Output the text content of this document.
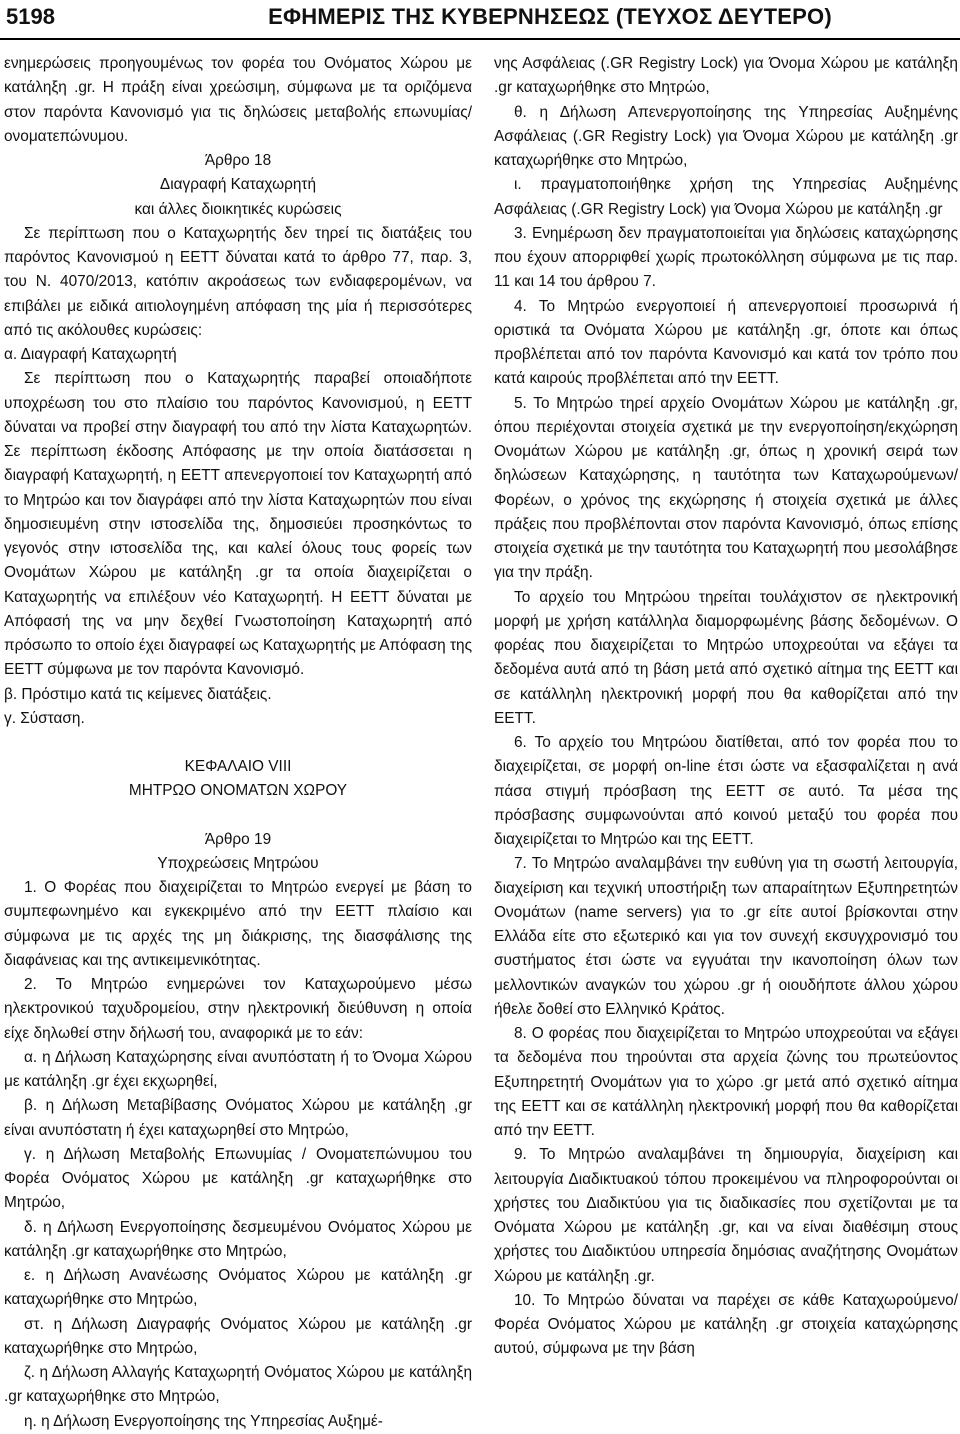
5198	ΕΦΗΜΕΡΙΣ ΤΗΣ ΚΥΒΕΡΝΗΣΕΩΣ (ΤΕΥΧΟΣ ΔΕΥΤΕΡΟ)

ενημερώσεις προηγουμένως τον φορέα του Ονόματος Χώρου με κατάληξη .gr. Η πράξη είναι χρεώσιμη, σύμφωνα με τα οριζόμενα στον παρόντα Κανονισμό για τις δηλώσεις μεταβολής επωνυμίας/ονοματεπώνυμου.

Άρθρο 18

Διαγραφή Καταχωρητή

και άλλες διοικητικές κυρώσεις

Σε περίπτωση που ο Καταχωρητής δεν τηρεί τις διατάξεις του παρόντος Κανονισμού η ΕΕΤΤ δύναται κατά το άρθρο 77, παρ. 3, του Ν. 4070/2013, κατόπιν ακροάσεως των ενδιαφερομένων, να επιβάλει με ειδικά αιτιολογημένη απόφαση της μία ή περισσότερες από τις ακόλουθες κυρώσεις:

α. Διαγραφή Καταχωρητή

Σε περίπτωση που ο Καταχωρητής παραβεί οποιαδήποτε υποχρέωση του στο πλαίσιο του παρόντος Κανονισμού, η ΕΕΤΤ δύναται να προβεί στην διαγραφή του από την λίστα Καταχωρητών. Σε περίπτωση έκδοσης Απόφασης με την οποία διατάσσεται η διαγραφή Καταχωρητή, η ΕΕΤΤ απενεργοποιεί τον Καταχωρητή από το Μητρώο και τον διαγράφει από την λίστα Καταχωρητών που είναι δημοσιευμένη στην ιστοσελίδα της, δημοσιεύει προσηκόντως το γεγονός στην ιστοσελίδα της, και καλεί όλους τους φορείς των Ονομάτων Χώρου με κατάληξη .gr τα οποία διαχειρίζεται ο Καταχωρητής να επιλέξουν νέο Καταχωρητή. Η ΕΕΤΤ δύναται με Απόφασή της να μην δεχθεί Γνωστοποίηση Καταχωρητή από πρόσωπο το οποίο έχει διαγραφεί ως Καταχωρητής με Απόφαση της ΕΕΤΤ σύμφωνα με τον παρόντα Κανονισμό.

β. Πρόστιμο κατά τις κείμενες διατάξεις.

γ. Σύσταση.

ΚΕΦΑΛΑΙΟ VIII

ΜΗΤΡΩΟ ΟΝΟΜΑΤΩΝ ΧΩΡΟΥ

Άρθρο 19

Υποχρεώσεις Μητρώου

1. Ο Φορέας που διαχειρίζεται το Μητρώο ενεργεί με βάση το συμπεφωνημένο και εγκεκριμένο από την ΕΕΤΤ πλαίσιο και σύμφωνα με τις αρχές της μη διάκρισης, της διασφάλισης της διαφάνειας και της αντικειμενικότητας.

2. Το Μητρώο ενημερώνει τον Καταχωρούμενο μέσω ηλεκτρονικού ταχυδρομείου, στην ηλεκτρονική διεύθυνση η οποία είχε δηλωθεί στην δήλωσή του, αναφορικά με το εάν:

α. η Δήλωση Καταχώρησης είναι ανυπόστατη ή το Όνομα Χώρου με κατάληξη .gr έχει εκχωρηθεί,

β. η Δήλωση Μεταβίβασης Ονόματος Χώρου με κατάληξη ,gr είναι ανυπόστατη ή έχει καταχωρηθεί στο Μητρώο,

γ. η Δήλωση Μεταβολής Επωνυμίας / Ονοματεπώνυμου του Φορέα Ονόματος Χώρου με κατάληξη .gr καταχωρήθηκε στο Μητρώο,

δ. η Δήλωση Ενεργοποίησης δεσμευμένου Ονόματος Χώρου με κατάληξη .gr καταχωρήθηκε στο Μητρώο,

ε. η Δήλωση Ανανέωσης Ονόματος Χώρου με κατάληξη .gr καταχωρήθηκε στο Μητρώο,

στ. η Δήλωση Διαγραφής Ονόματος Χώρου με κατάληξη .gr καταχωρήθηκε στο Μητρώο,

ζ. η Δήλωση Αλλαγής Καταχωρητή Ονόματος Χώρου με κατάληξη .gr καταχωρήθηκε στο Μητρώο,

η. η Δήλωση Ενεργοποίησης της Υπηρεσίας Αυξημέ-

νης Ασφάλειας (.GR Registry Lock) για Όνομα Χώρου με κατάληξη .gr καταχωρήθηκε στο Μητρώο,

θ. η Δήλωση Απενεργοποίησης της Υπηρεσίας Αυξημένης Ασφάλειας (.GR Registry Lock) για Όνομα Χώρου με κατάληξη .gr καταχωρήθηκε στο Μητρώο,

ι. πραγματοποιήθηκε χρήση της Υπηρεσίας Αυξημένης Ασφάλειας (.GR Registry Lock) για Όνομα Χώρου με κατάληξη .gr

3. Ενημέρωση δεν πραγματοποιείται για δηλώσεις καταχώρησης που έχουν απορριφθεί χωρίς πρωτοκόλληση σύμφωνα με τις παρ. 11 και 14 του άρθρου 7.

4. Το Μητρώο ενεργοποιεί ή απενεργοποιεί προσωρινά ή οριστικά τα Ονόματα Χώρου με κατάληξη .gr, όποτε και όπως προβλέπεται από τον παρόντα Κανονισμό και κατά τον τρόπο που κατά καιρούς προβλέπεται από την ΕΕΤΤ.

5. Το Μητρώο τηρεί αρχείο Ονομάτων Χώρου με κατάληξη .gr, όπου περιέχονται στοιχεία σχετικά με την ενεργοποίηση/εκχώρηση Ονομάτων Χώρου με κατάληξη .gr, όπως η χρονική σειρά των δηλώσεων Καταχώρησης, η ταυτότητα των Καταχωρούμενων/Φορέων, ο χρόνος της εκχώρησης ή στοιχεία σχετικά με άλλες πράξεις που προβλέπονται στον παρόντα Κανονισμό, όπως επίσης στοιχεία σχετικά με την ταυτότητα του Καταχωρητή που μεσολάβησε για την πράξη.

Το αρχείο του Μητρώου τηρείται τουλάχιστον σε ηλεκτρονική μορφή με χρήση κατάλληλα διαμορφωμένης βάσης δεδομένων. Ο φορέας που διαχειρίζεται το Μητρώο υποχρεούται να εξάγει τα δεδομένα αυτά από τη βάση μετά από σχετικό αίτημα της ΕΕΤΤ και σε κατάλληλη ηλεκτρονική μορφή που θα καθορίζεται από την ΕΕΤΤ.

6. Το αρχείο του Μητρώου διατίθεται, από τον φορέα που το διαχειρίζεται, σε μορφή on-line έτσι ώστε να εξασφαλίζεται η ανά πάσα στιγμή πρόσβαση της ΕΕΤΤ σε αυτό. Τα μέσα της πρόσβασης συμφωνούνται από κοινού μεταξύ του φορέα που διαχειρίζεται το Μητρώο και της ΕΕΤΤ.

7. Το Μητρώο αναλαμβάνει την ευθύνη για τη σωστή λειτουργία, διαχείριση και τεχνική υποστήριξη των απαραίτητων Εξυπηρετητών Ονομάτων (name servers) για το .gr είτε αυτοί βρίσκονται στην Ελλάδα είτε στο εξωτερικό και για τον συνεχή εκσυγχρονισμό του συστήματος έτσι ώστε να εγγυάται την ικανοποίηση όλων των μελλοντικών αναγκών του χώρου .gr ή οιουδήποτε άλλου χώρου ήθελε δοθεί στο Ελληνικό Κράτος.

8. Ο φορέας που διαχειρίζεται το Μητρώο υποχρεούται να εξάγει τα δεδομένα που τηρούνται στα αρχεία ζώνης του πρωτεύοντος Εξυπηρετητή Ονομάτων για το χώρο .gr μετά από σχετικό αίτημα της ΕΕΤΤ και σε κατάλληλη ηλεκτρονική μορφή που θα καθορίζεται από την ΕΕΤΤ.

9. Το Μητρώο αναλαμβάνει τη δημιουργία, διαχείριση και λειτουργία Διαδικτυακού τόπου προκειμένου να πληροφορούνται οι χρήστες του Διαδικτύου για τις διαδικασίες που σχετίζονται με τα Ονόματα Χώρου με κατάληξη .gr, και να είναι διαθέσιμη στους χρήστες του Διαδικτύου υπηρεσία δημόσιας αναζήτησης Ονομάτων Χώρου με κατάληξη .gr.

10. Το Μητρώο δύναται να παρέχει σε κάθε Καταχωρούμενο/Φορέα Ονόματος Χώρου με κατάληξη .gr στοιχεία καταχώρησης αυτού, σύμφωνα με την βάση
